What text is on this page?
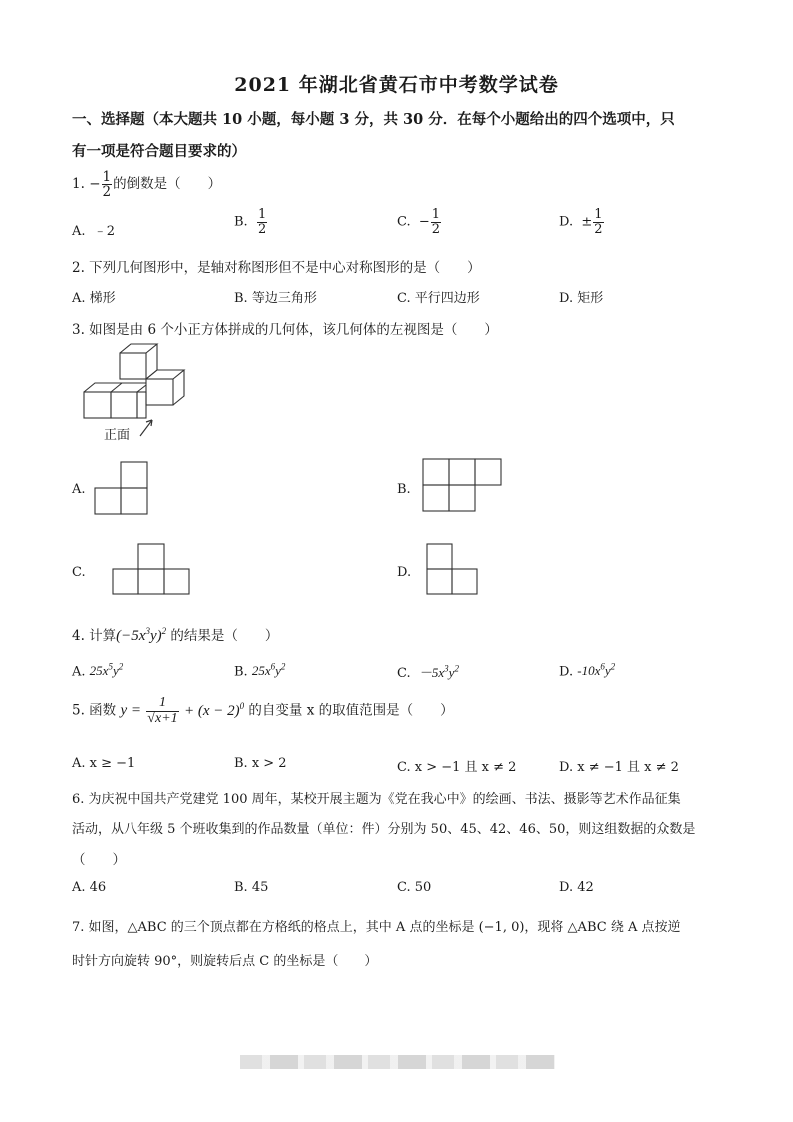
2021 年湖北省黄石市中考数学试卷
一、选择题（本大题共 10 小题，每小题 3 分，共 30 分．在每个小题给出的四个选项中，只
有一项是符合题目要求的）
1. − $\frac{1}{2}$ 的倒数是（　　）
A. ﹣2
B. $\frac{1}{2}$	C. − $\frac{1}{2}$	D. ± $\frac{1}{2}$
2. 下列几何图形中，是轴对称图形但不是中心对称图形的是（　　）
A. 梯形	B. 等边三角形	C. 平行四边形	D. 矩形
3. 如图是由 6 个小正方体拼成的几何体，该几何体的左视图是（　　）
正面
A.	B.
C.	D.
4. 计算$(-5x^3y)^2$ 的结果是（　　）
A. $25x^5y^2$	B. $25x^6y^2$	C. $-5x^3y^2$	D. $-10x^6y^2$
5. 函数 $y = \frac{1}{√x+1} + (x - 2)^0$ 的自变量 x 的取值范围是（　　）
A. x ≥ −1	B. x > 2	C. x > −1 且 x ≠ 2	D. x ≠ −1 且 x ≠ 2
6. 为庆祝中国共产党建党 100 周年，某校开展主题为《党在我心中》的绘画、书法、摄影等艺术作品征集
活动，从八年级 5 个班收集到的作品数量（单位：件）分别为 50、45、42、46、50，则这组数据的众数是
（　　）
A. 46	B. 45	C. 50	D. 42
7. 如图，△ABC 的三个顶点都在方格纸的格点上，其中 A 点的坐标是 (−1, 0)，现将 △ABC 绕 A 点按逆
时针方向旋转 90°，则旋转后点 C 的坐标是（　　）
